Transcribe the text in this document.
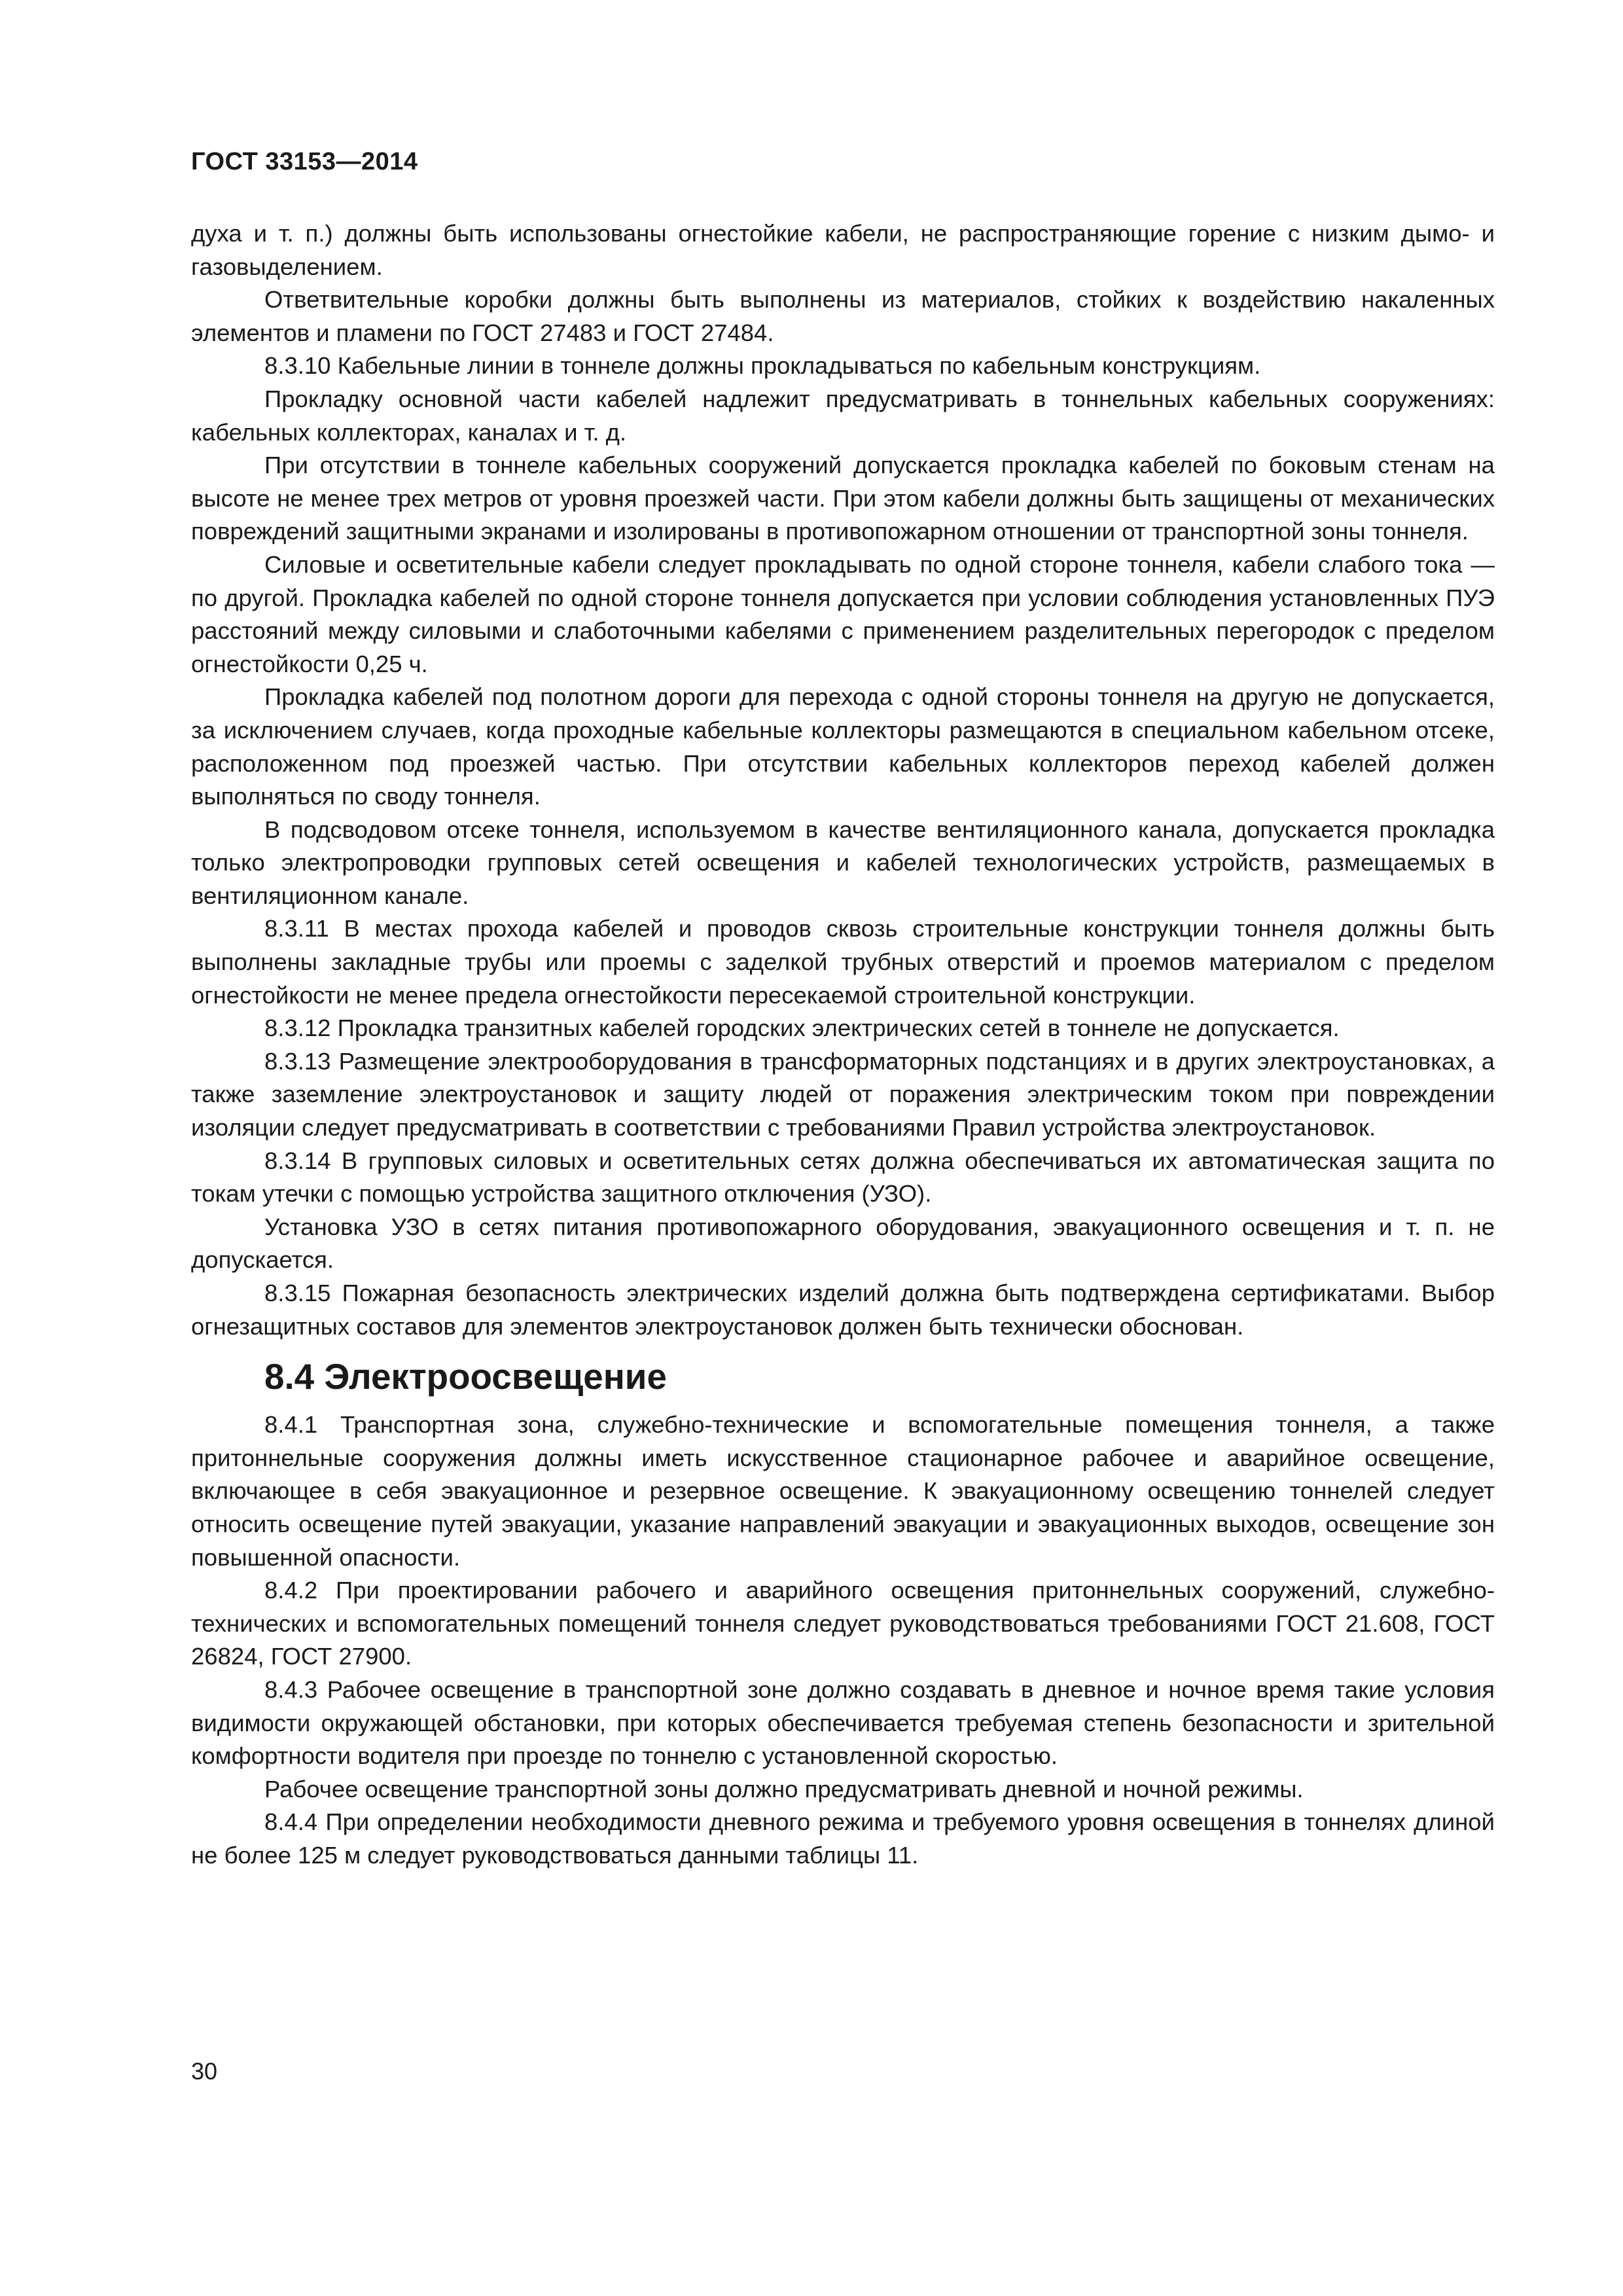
ГОСТ 33153—2014

духа и т. п.) должны быть использованы огнестойкие кабели, не распространяющие горение с низким дымо- и газовыделением.

Ответвительные коробки должны быть выполнены из материалов, стойких к воздействию накаленных элементов и пламени по ГОСТ 27483 и ГОСТ 27484.

8.3.10 Кабельные линии в тоннеле должны прокладываться по кабельным конструкциям.

Прокладку основной части кабелей надлежит предусматривать в тоннельных кабельных сооружениях: кабельных коллекторах, каналах и т. д.

При отсутствии в тоннеле кабельных сооружений допускается прокладка кабелей по боковым стенам на высоте не менее трех метров от уровня проезжей части. При этом кабели должны быть защищены от механических повреждений защитными экранами и изолированы в противопожарном отношении от транспортной зоны тоннеля.

Силовые и осветительные кабели следует прокладывать по одной стороне тоннеля, кабели слабого тока — по другой. Прокладка кабелей по одной стороне тоннеля допускается при условии соблюдения установленных ПУЭ расстояний между силовыми и слаботочными кабелями с применением разделительных перегородок с пределом огнестойкости 0,25 ч.

Прокладка кабелей под полотном дороги для перехода с одной стороны тоннеля на другую не допускается, за исключением случаев, когда проходные кабельные коллекторы размещаются в специальном кабельном отсеке, расположенном под проезжей частью. При отсутствии кабельных коллекторов переход кабелей должен выполняться по своду тоннеля.

В подсводовом отсеке тоннеля, используемом в качестве вентиляционного канала, допускается прокладка только электропроводки групповых сетей освещения и кабелей технологических устройств, размещаемых в вентиляционном канале.

8.3.11 В местах прохода кабелей и проводов сквозь строительные конструкции тоннеля должны быть выполнены закладные трубы или проемы с заделкой трубных отверстий и проемов материалом с пределом огнестойкости не менее предела огнестойкости пересекаемой строительной конструкции.

8.3.12 Прокладка транзитных кабелей городских электрических сетей в тоннеле не допускается.

8.3.13 Размещение электрооборудования в трансформаторных подстанциях и в других электроустановках, а также заземление электроустановок и защиту людей от поражения электрическим током при повреждении изоляции следует предусматривать в соответствии с требованиями Правил устройства электроустановок.

8.3.14 В групповых силовых и осветительных сетях должна обеспечиваться их автоматическая защита по токам утечки с помощью устройства защитного отключения (УЗО).

Установка УЗО в сетях питания противопожарного оборудования, эвакуационного освещения и т. п. не допускается.

8.3.15 Пожарная безопасность электрических изделий должна быть подтверждена сертификатами. Выбор огнезащитных составов для элементов электроустановок должен быть технически обоснован.

8.4 Электроосвещение

8.4.1 Транспортная зона, служебно-технические и вспомогательные помещения тоннеля, а также притоннельные сооружения должны иметь искусственное стационарное рабочее и аварийное освещение, включающее в себя эвакуационное и резервное освещение. К эвакуационному освещению тоннелей следует относить освещение путей эвакуации, указание направлений эвакуации и эвакуационных выходов, освещение зон повышенной опасности.

8.4.2 При проектировании рабочего и аварийного освещения притоннельных сооружений, служебно-технических и вспомогательных помещений тоннеля следует руководствоваться требованиями ГОСТ 21.608, ГОСТ 26824, ГОСТ 27900.

8.4.3 Рабочее освещение в транспортной зоне должно создавать в дневное и ночное время такие условия видимости окружающей обстановки, при которых обеспечивается требуемая степень безопасности и зрительной комфортности водителя при проезде по тоннелю с установленной скоростью.

Рабочее освещение транспортной зоны должно предусматривать дневной и ночной режимы.

8.4.4 При определении необходимости дневного режима и требуемого уровня освещения в тоннелях длиной не более 125 м следует руководствоваться данными таблицы 11.

30
